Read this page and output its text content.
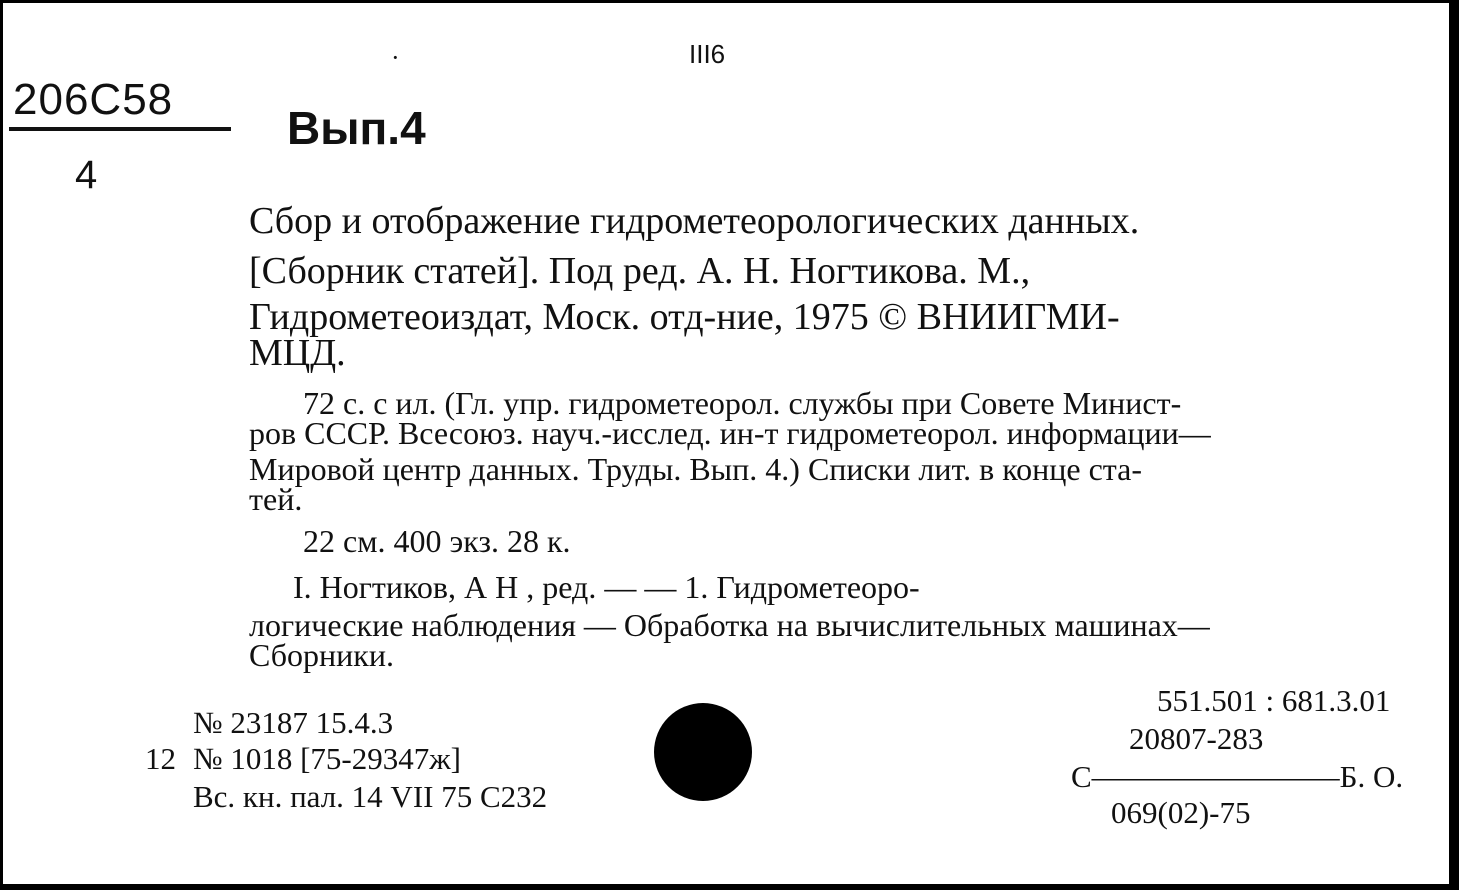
206C58
4
·	III6
Вып.4
Сбор и отображение гидрометеорологических данных.
[Сборник статей]. Под ред. А. Н. Ногтикова. М.,
Гидрометеоиздат, Моск. отд-ние, 1975 © ВНИИГМИ-
МЦД.
72 с. с ил. (Гл. упр. гидрометеорол. службы при Совете Минист-
ров СССР. Всесоюз. науч.-исслед. ин-т гидрометеорол. информации—
Мировой центр данных. Труды. Вып. 4.) Списки лит. в конце ста-
тей.
22 см. 400 экз. 28 к.
I. Ногтиков, А Н , ред. — — 1. Гидрометеоро-
логические наблюдения — Обработка на вычислительных машинах—
Сборники.
№ 23187 15.4.3
12 № 1018 [75-29347ж]
Вс. кн. пал. 14 VII 75 С232
551.501 : 681.3.01
20807-283
С————————Б. О.
069(02)-75
